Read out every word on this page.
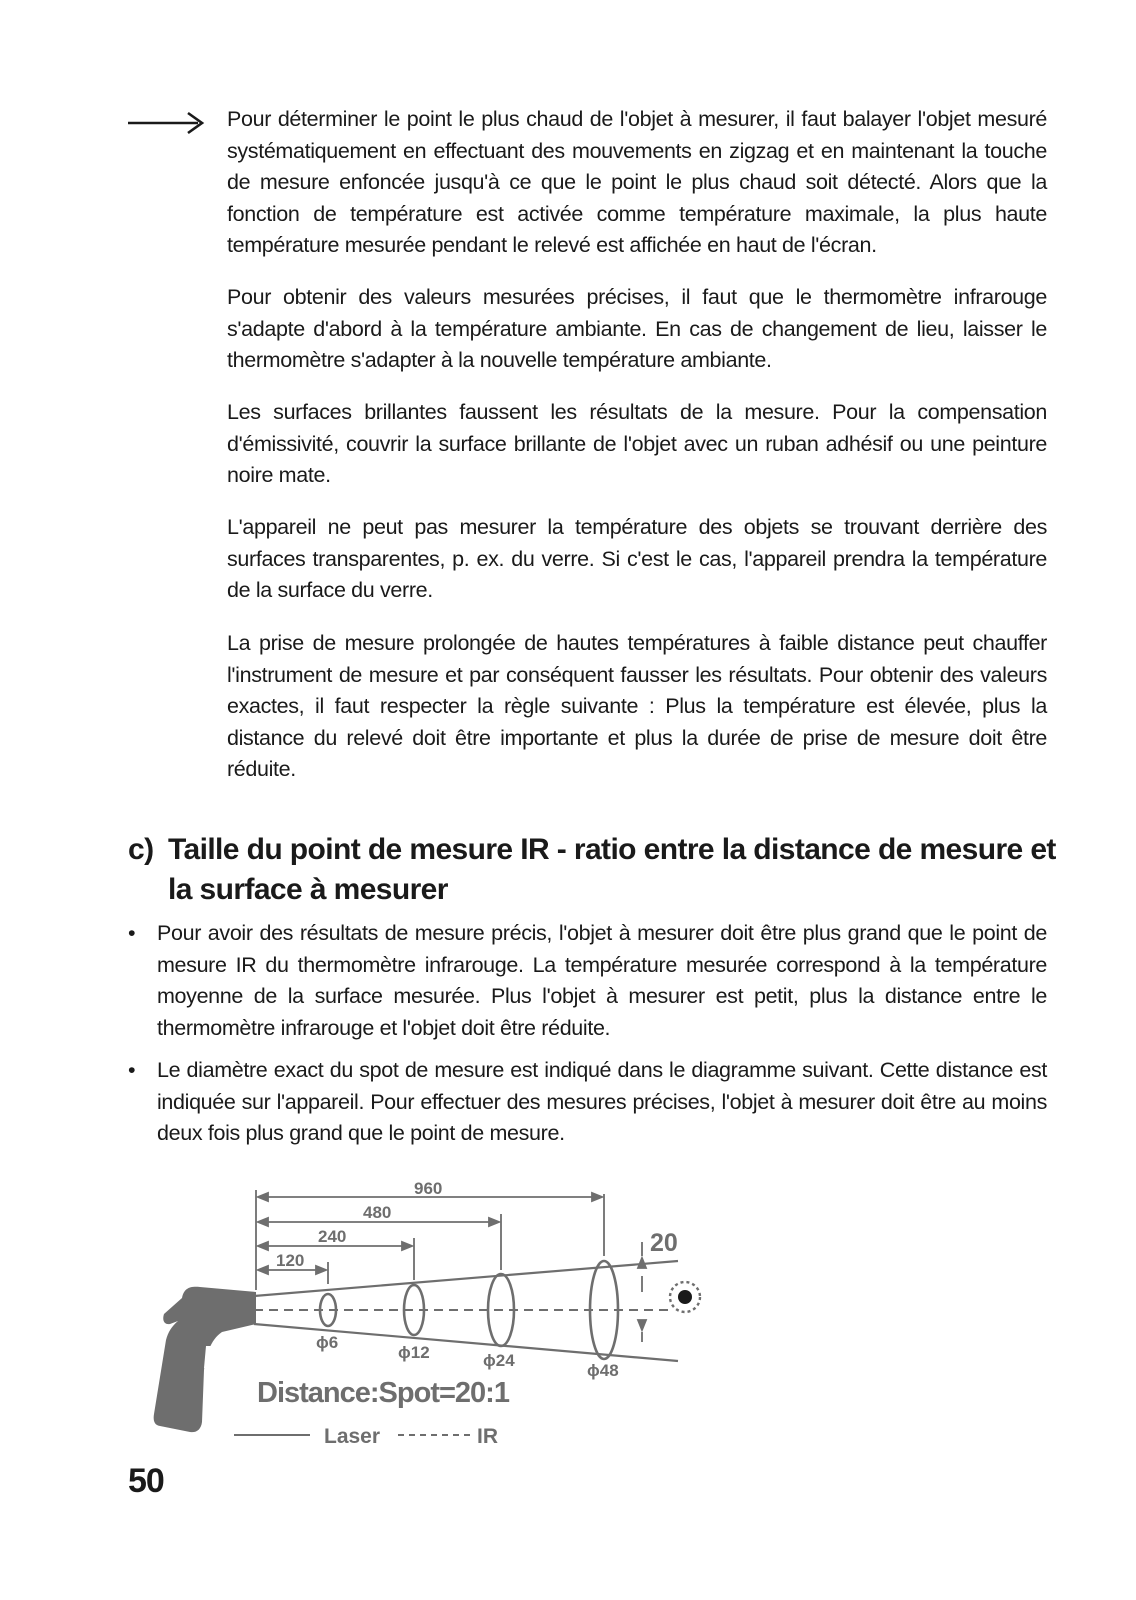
Pour déterminer le point le plus chaud de l'objet à mesurer, il faut balayer l'objet mesuré systématiquement en effectuant des mouvements en zigzag et en maintenant la touche de mesure enfoncée jusqu'à ce que le point le plus chaud soit détecté. Alors que la fonction de température est activée comme température maximale, la plus haute température mesurée pendant le relevé est affichée en haut de l'écran.

Pour obtenir des valeurs mesurées précises, il faut que le thermomètre infrarouge s'adapte d'abord à la température ambiante. En cas de changement de lieu, laisser le thermomètre s'adapter à la nouvelle température ambiante.

Les surfaces brillantes faussent les résultats de la mesure. Pour la compensation d'émissivité, couvrir la surface brillante de l'objet avec un ruban adhésif ou une peinture noire mate.

L'appareil ne peut pas mesurer la température des objets se trouvant derrière des surfaces transparentes, p. ex. du verre. Si c'est le cas, l'appareil prendra la température de la surface du verre.

La prise de mesure prolongée de hautes températures à faible distance peut chauffer l'instrument de mesure et par conséquent fausser les résultats. Pour obtenir des valeurs exactes, il faut respecter la règle suivante : Plus la température est élevée, plus la distance du relevé doit être importante et plus la durée de prise de mesure doit être réduite.

c) Taille du point de mesure IR - ratio entre la distance de mesure et
la surface à mesurer
• Pour avoir des résultats de mesure précis, l'objet à mesurer doit être plus grand que le point de mesure IR du thermomètre infrarouge. La température mesurée correspond à la température moyenne de la surface mesurée. Plus l'objet à mesurer est petit, plus la distance entre le thermomètre infrarouge et l'objet doit être réduite.
• Le diamètre exact du spot de mesure est indiqué dans le diagramme suivant. Cette distance est indiquée sur l'appareil. Pour effectuer des mesures précises, l'objet à mesurer doit être au moins deux fois plus grand que le point de mesure.
960
480
240
120
20
ϕ6
ϕ12	ϕ24
ϕ48
Distance:Spot=20:1
Laser	IR
50
